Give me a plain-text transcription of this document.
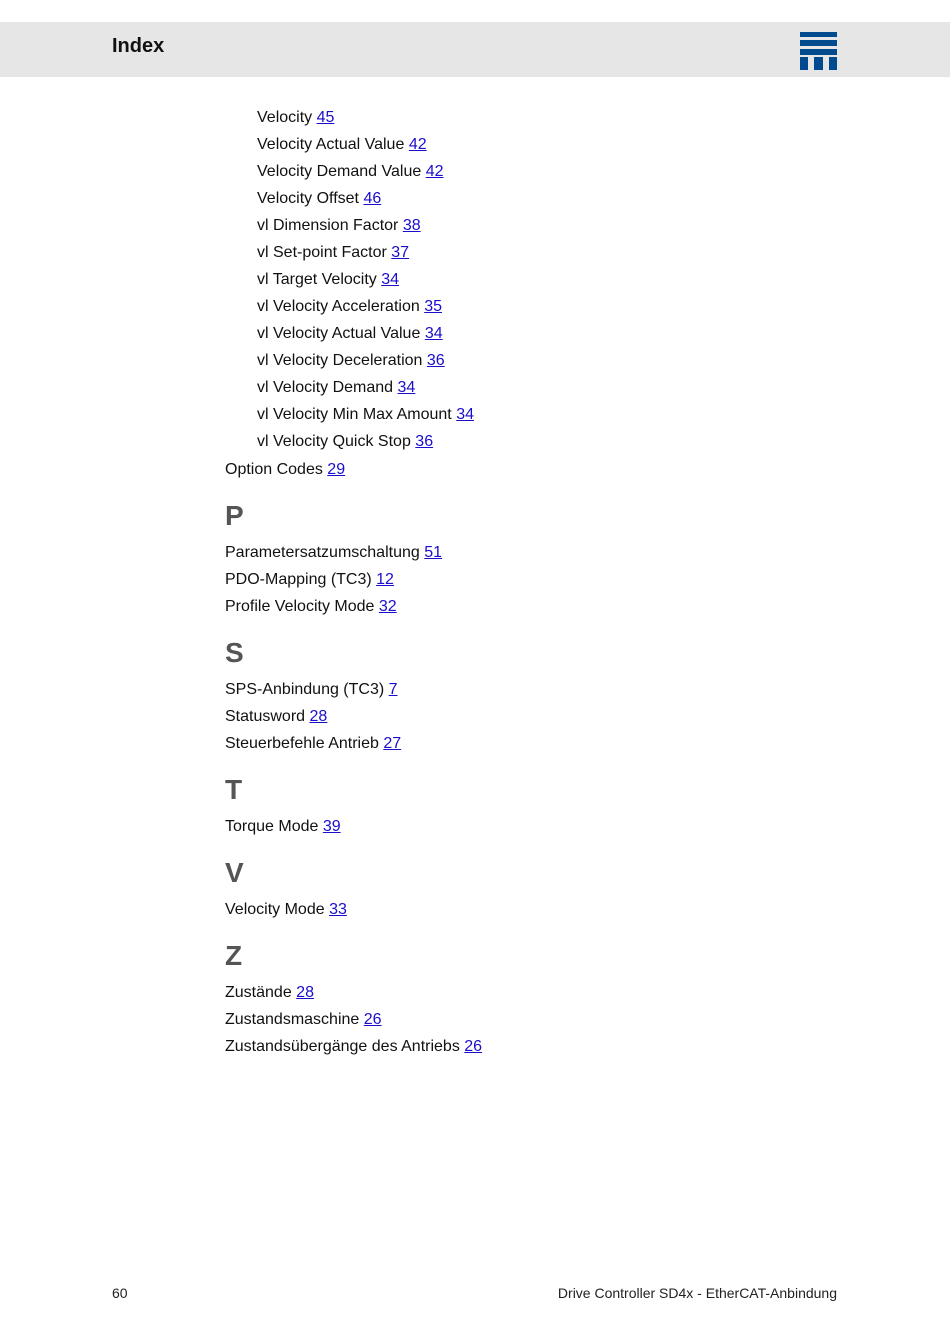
Index
Velocity 45
Velocity Actual Value 42
Velocity Demand Value 42
Velocity Offset 46
vl Dimension Factor 38
vl Set-point Factor 37
vl Target Velocity 34
vl Velocity Acceleration 35
vl Velocity Actual Value 34
vl Velocity Deceleration 36
vl Velocity Demand 34
vl Velocity Min Max Amount 34
vl Velocity Quick Stop 36
Option Codes 29
P
Parametersatzumschaltung 51
PDO-Mapping (TC3) 12
Profile Velocity Mode 32
S
SPS-Anbindung (TC3) 7
Statusword 28
Steuerbefehle Antrieb 27
T
Torque Mode 39
V
Velocity Mode 33
Z
Zustände 28
Zustandsmaschine 26
Zustandsübergänge des Antriebs 26
60	Drive Controller SD4x - EtherCAT-Anbindung
